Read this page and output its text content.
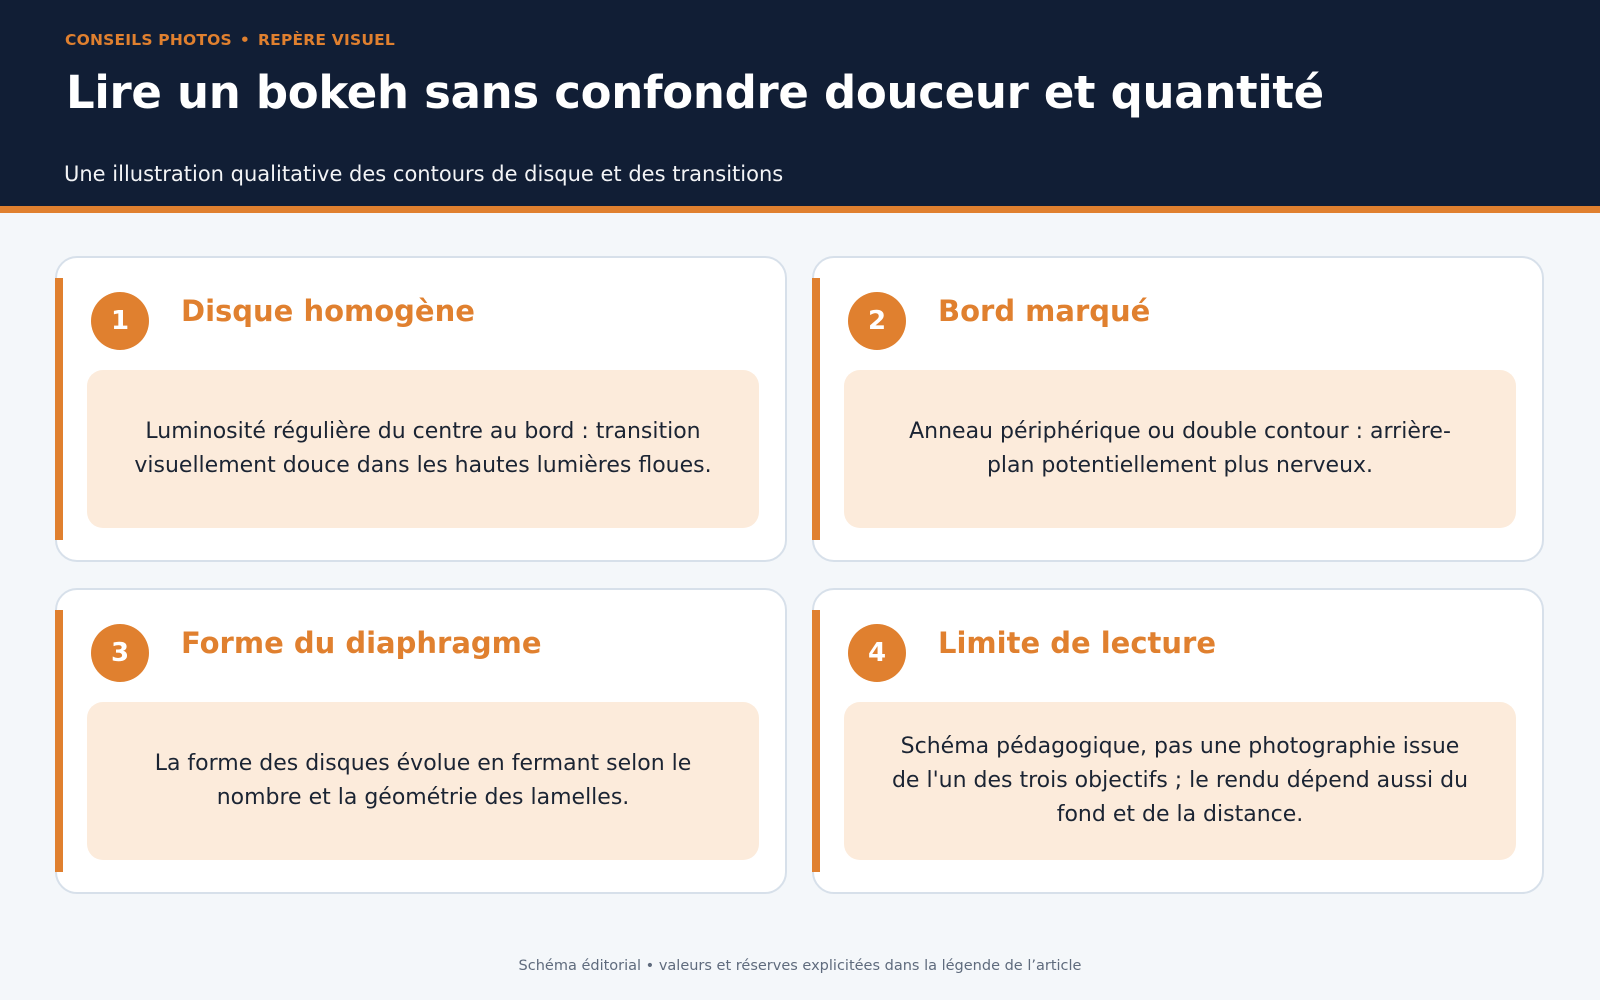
CONSEILS PHOTOS • REPÈRE VISUEL
Lire un bokeh sans confondre douceur et quantité
Une illustration qualitative des contours de disque et des transitions
1	Disque homogène
Luminosité régulière du centre au bord : transition visuellement douce dans les hautes lumières floues.
2	Bord marqué
Anneau périphérique ou double contour : arrière-plan potentiellement plus nerveux.
3	Forme du diaphragme
La forme des disques évolue en fermant selon le nombre et la géométrie des lamelles.
4	Limite de lecture
Schéma pédagogique, pas une photographie issue de l'un des trois objectifs ; le rendu dépend aussi du fond et de la distance.
Schéma éditorial • valeurs et réserves explicitées dans la légende de l’article
